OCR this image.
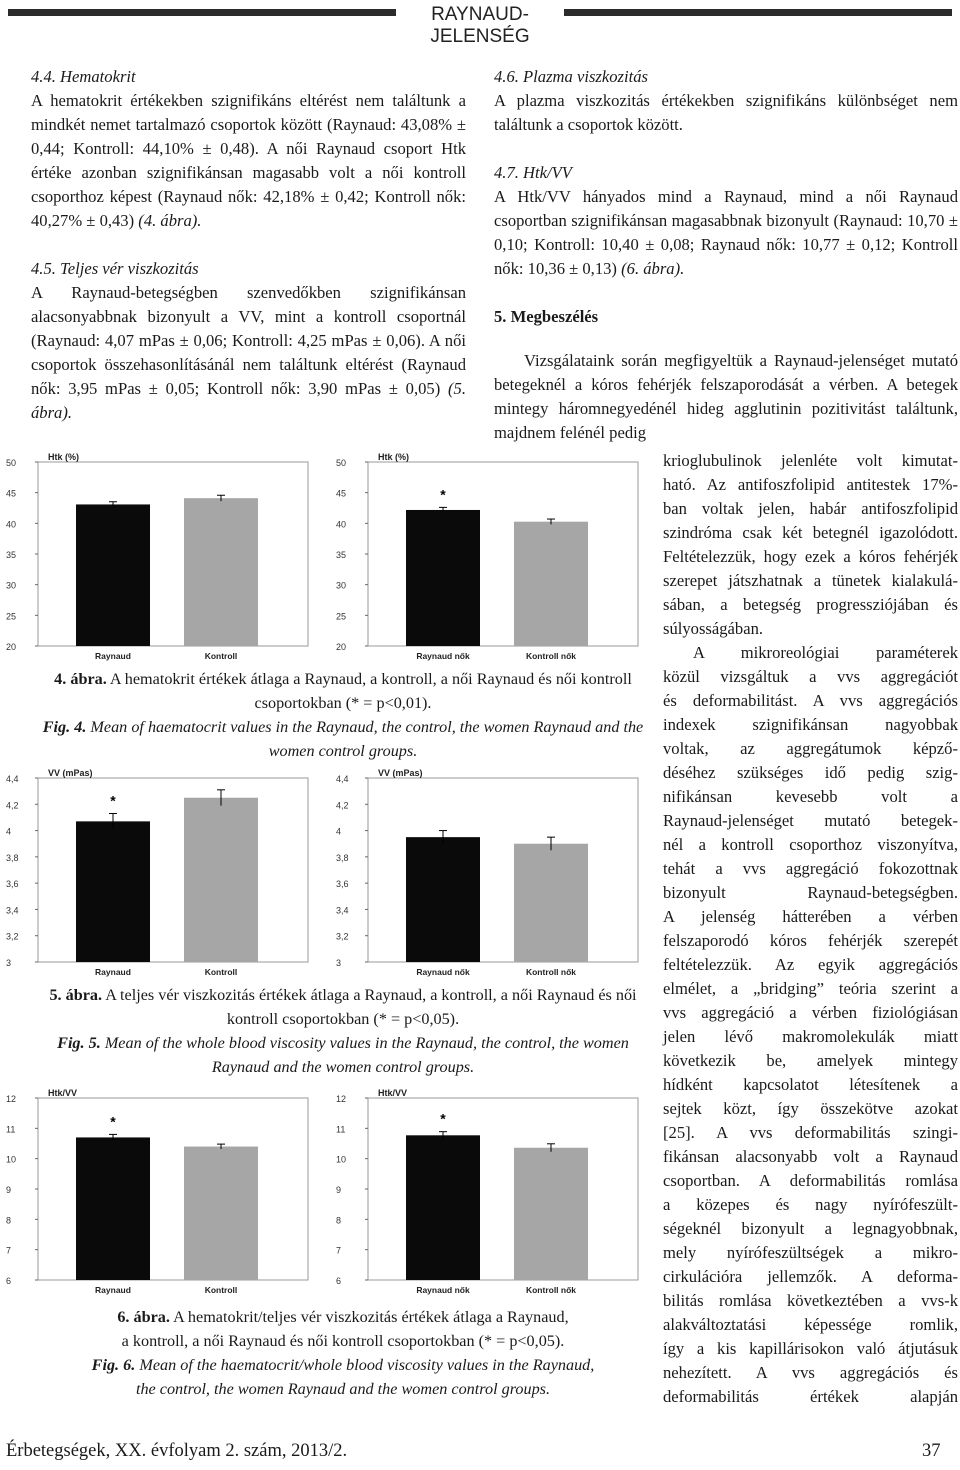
RAYNAUD-JELENSÉG

4.4. Hematokrit

A hematokrit értékekben szignifikáns eltérést nem találtunk a mindkét nemet tartalmazó csoportok között (Raynaud: 43,08% ± 0,44; Kontroll: 44,10% ± 0,48). A női Raynaud csoport Htk értéke azonban szignifikánsan magasabb volt a női kontroll csoporthoz képest (Raynaud nők: 42,18% ± 0,42; Kontroll nők: 40,27% ± 0,43) (4. ábra).

4.5. Teljes vér viszkozitás

A Raynaud-betegségben szenvedőkben szignifikánsan alacsonyabbnak bizonyult a VV, mint a kontroll csoportnál (Raynaud: 4,07 mPas ± 0,06; Kontroll: 4,25 mPas ± 0,06). A női csoportok összehasonlításánál nem találtunk eltérést (Raynaud nők: 3,95 mPas ± 0,05; Kontroll nők: 3,90 mPas ± 0,05) (5. ábra).

4.6. Plazma viszkozitás

A plazma viszkozitás értékekben szignifikáns különbséget nem találtunk a csoportok között.

4.7. Htk/VV

A Htk/VV hányados mind a Raynaud, mind a női Raynaud csoportban szignifikánsan magasabbnak bizonyult (Raynaud: 10,70 ± 0,10; Kontroll: 10,40 ± 0,08; Raynaud nők: 10,77 ± 0,12; Kontroll nők: 10,36 ± 0,13) (6. ábra).

5. Megbeszélés

Vizsgálataink során megfigyeltük a Raynaud-jelenséget mutató betegeknél a kóros fehérjék felszaporodását a vérben. A betegek mintegy háromnegyedénél hideg agglutinin pozitivitást találtunk, majdnem felénél pedig

krioglubulinok jelenléte volt kimutat-
ható. Az antifoszfolipid antitestek 17%-
ban voltak jelen, habár antifoszfolipid
szindróma csak két betegnél igazolódott.
Feltételezzük, hogy ezek a kóros fehérjék
szerepet játszhatnak a tünetek kialakulá-
sában, a betegség progressziójában és
súlyosságában.
A mikroreológiai paraméterek
közül vizsgáltuk a vvs aggregációt
és deformabilitást. A vvs aggregációs
indexek szignifikánsan nagyobbak
voltak, az aggregátumok képző-
déséhez szükséges idő pedig szig-
nifikánsan kevesebb volt a
Raynaud-jelenséget mutató betegek-
nél a kontroll csoporthoz viszonyítva,
tehát a vvs aggregáció fokozottnak
bizonyult Raynaud-betegségben.
A jelenség hátterében a vérben
felszaporodó kóros fehérjék szerepét
feltételezzük. Az egyik aggregációs
elmélet, a „bridging” teória szerint a
vvs aggregáció a vérben fiziológiásan
jelen lévő makromolekulák miatt
következik be, amelyek mintegy
hídként kapcsolatot létesítenek a
sejtek közt, így összekötve azokat
[25]. A vvs deformabilitás szingi-
fikánsan alacsonyabb volt a Raynaud
csoportban. A deformabilitás romlása
a közepes és nagy nyírófeszült-
ségeknél bizonyult a legnagyobbnak,
mely nyírófeszültségek a mikro-
cirkulációra jellemzők. A deforma-
bilitás romlása következtében a vvs-k
alakváltoztatási képessége romlik,
így a kis kapillárisokon való átjutásuk
nehezített. A vvs aggregációs és
deformabilitás értékek alapján
50
45
40
35
30
25
20
Htk (%)
Raynaud	Kontroll
50
45
40
35
30
25
20
Htk (%)
*
Raynaud nők	Kontroll nők
4,4
4,2
4
3,8
3,6
3,4
3,2
3
VV (mPas)
*
Raynaud	Kontroll
4,4
4,2
4
3,8
3,6
3,4
3,2
3
VV (mPas)
Raynaud nők	Kontroll nők
12
11
10
9
8
7
6
Htk/VV
*
Raynaud	Kontroll
12
11
10
9
8
7
6
Htk/VV
*
Raynaud nők	Kontroll nők
4. ábra. A hematokrit értékek átlaga a Raynaud, a kontroll, a női Raynaud és női kontroll csoportokban (* = p<0,01).
Fig. 4. Mean of haematocrit values in the Raynaud, the control, the women Raynaud and the women control groups.
5. ábra. A teljes vér viszkozitás értékek átlaga a Raynaud, a kontroll, a női Raynaud és női kontroll csoportokban (* = p<0,05).
Fig. 5. Mean of the whole blood viscosity values in the Raynaud, the control, the women Raynaud and the women control groups.
6. ábra. A hematokrit/teljes vér viszkozitás értékek átlaga a Raynaud,
a kontroll, a női Raynaud és női kontroll csoportokban (* = p<0,05).
Fig. 6. Mean of the haematocrit/whole blood viscosity values in the Raynaud,
the control, the women Raynaud and the women control groups.
Érbetegségek, XX. évfolyam 2. szám, 2013/2.	37
